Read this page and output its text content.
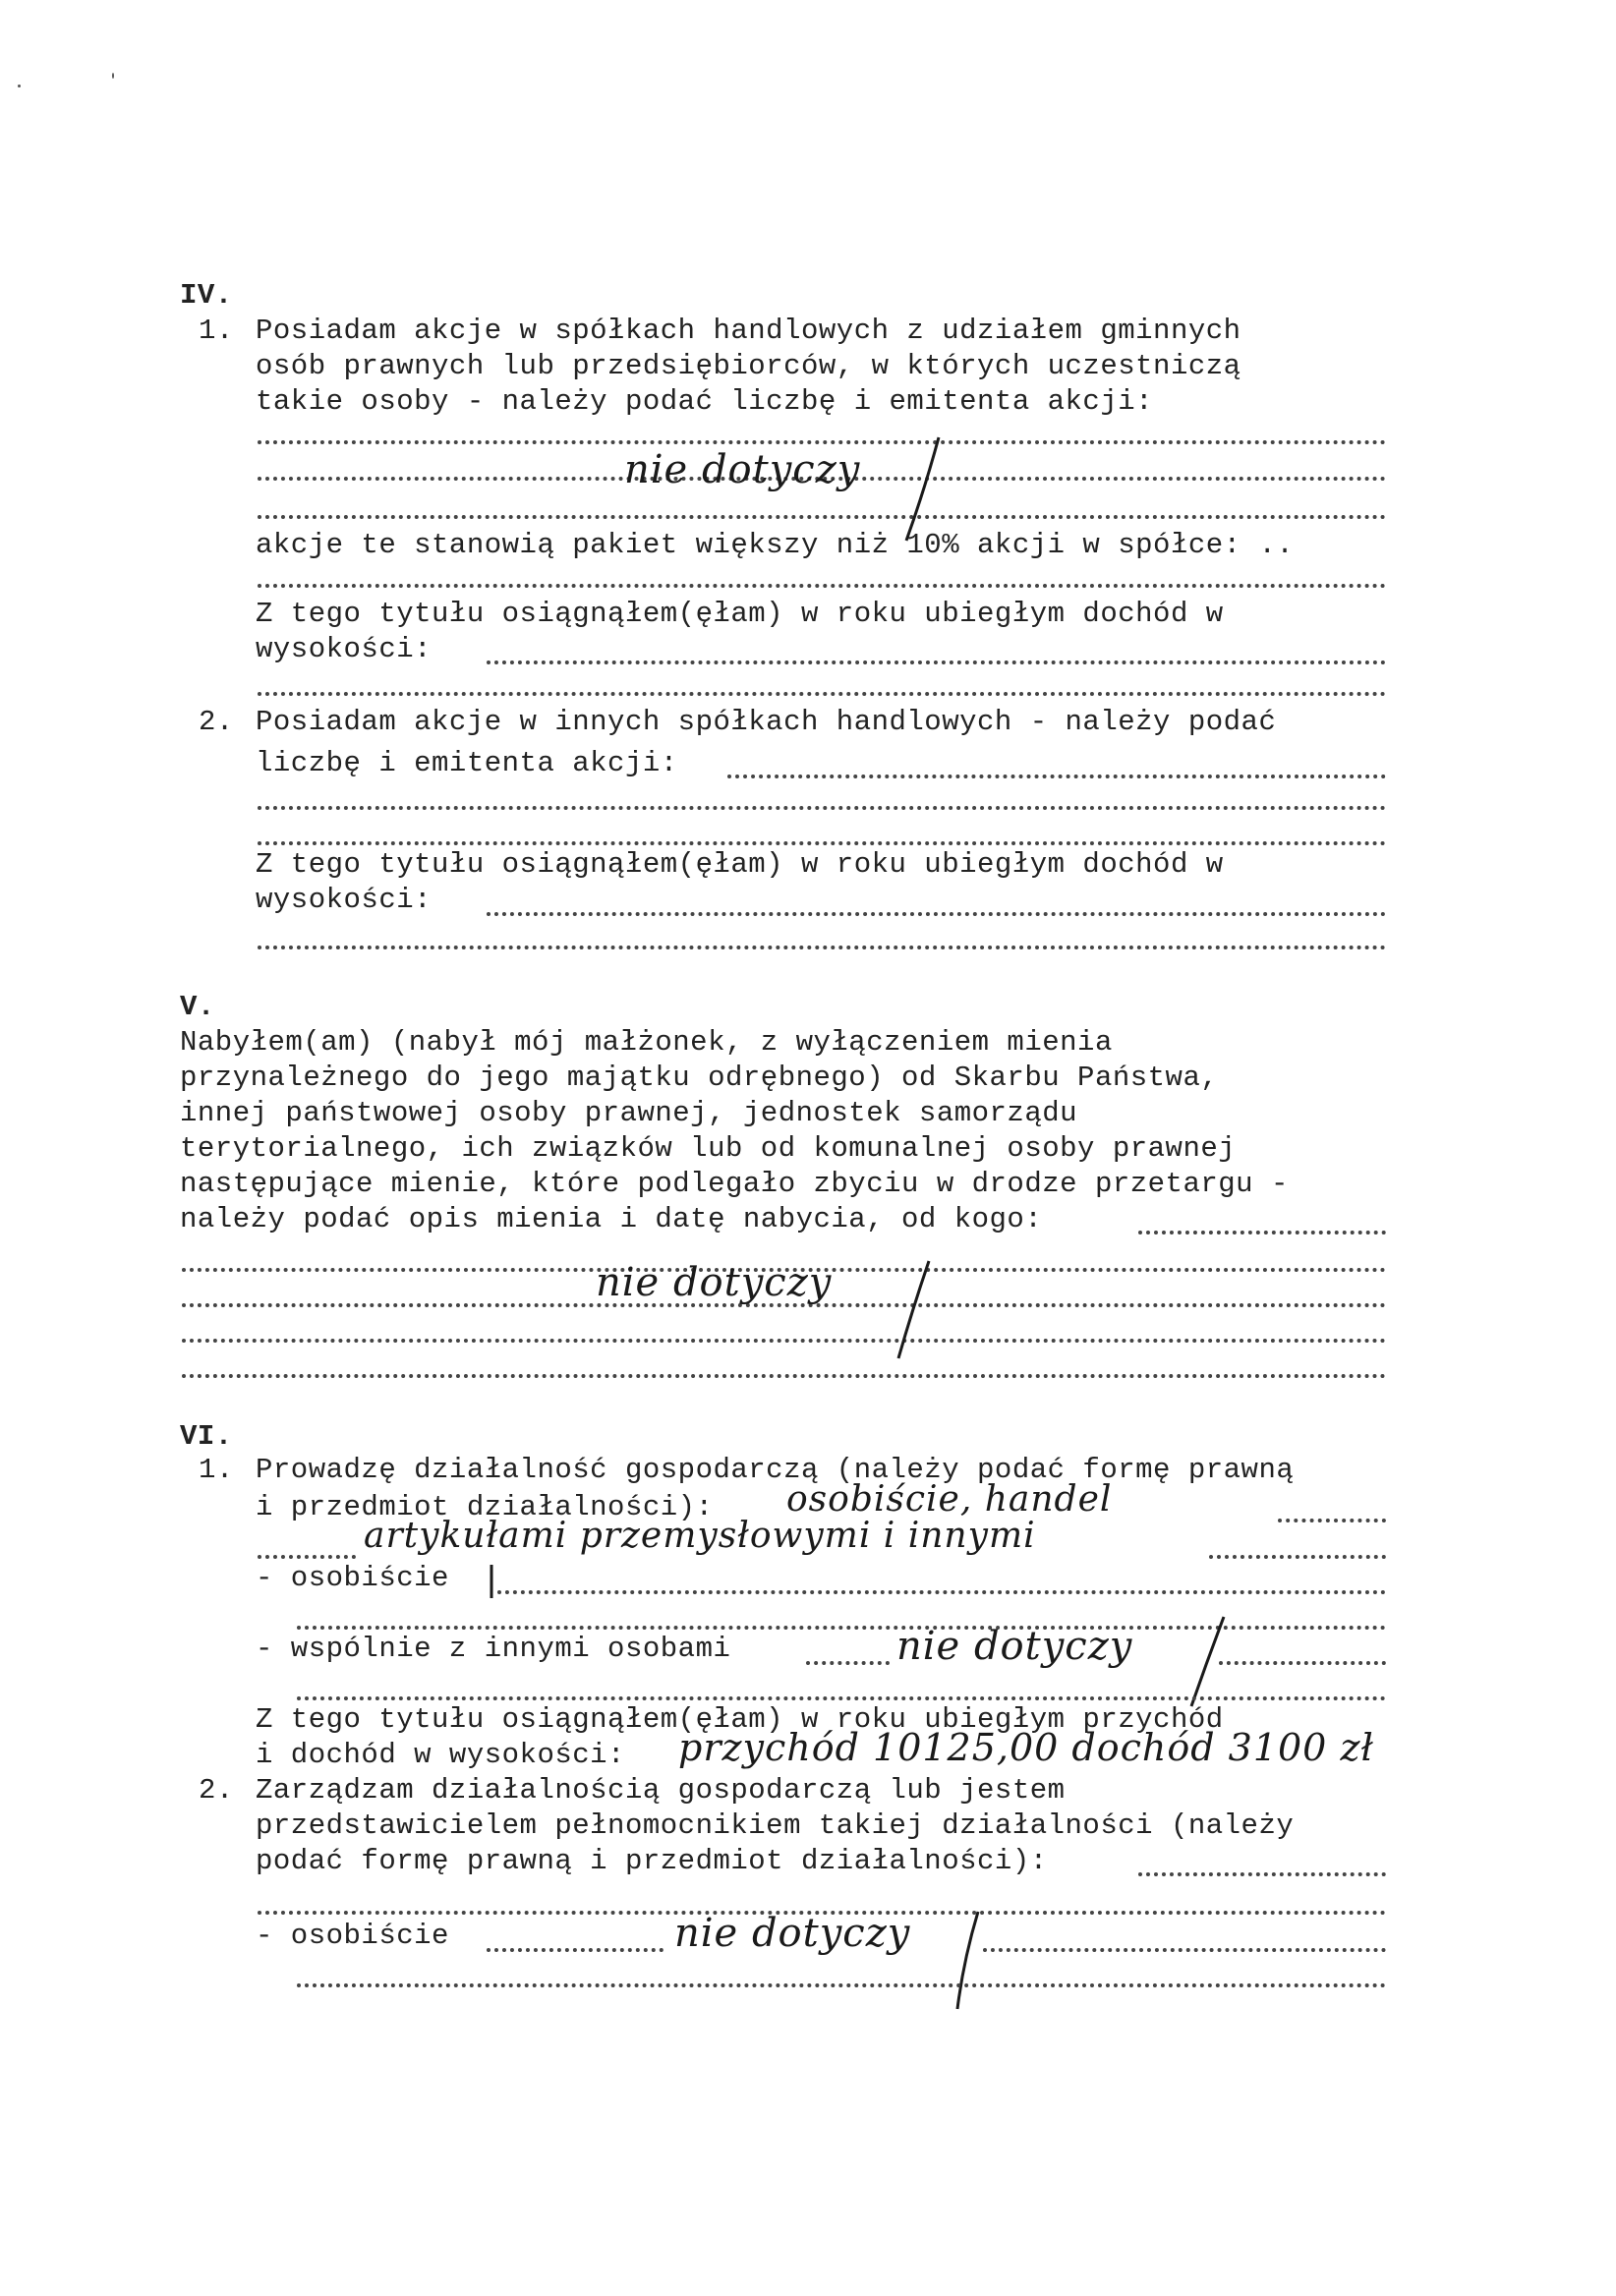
IV.
1. Posiadam akcje w spółkach handlowych z udziałem gminnych
osób prawnych lub przedsiębiorców, w których uczestniczą
takie osoby - należy podać liczbę i emitenta akcji:
nie dotyczy
akcje te stanowią pakiet większy niż 10% akcji w spółce: ..
Z tego tytułu osiągnąłem(ęłam) w roku ubiegłym dochód w
wysokości:
2. Posiadam akcje w innych spółkach handlowych - należy podać
liczbę i emitenta akcji:
Z tego tytułu osiągnąłem(ęłam) w roku ubiegłym dochód w
wysokości:
V.
Nabyłem(am) (nabył mój małżonek, z wyłączeniem mienia
przynależnego do jego majątku odrębnego) od Skarbu Państwa,
innej państwowej osoby prawnej, jednostek samorządu
terytorialnego, ich związków lub od komunalnej osoby prawnej
następujące mienie, które podlegało zbyciu w drodze przetargu -
należy podać opis mienia i datę nabycia, od kogo:
nie dotyczy
VI.
1. Prowadzę działalność gospodarczą (należy podać formę prawną
i przedmiot działalności): osobiście, handel
artykułami przemysłowymi i innymi
- osobiście
- wspólnie z innymi osobami	nie dotyczy
Z tego tytułu osiągnąłem(ęłam) w roku ubiegłym przychód
i dochód w wysokości: przychód 10125,00 dochód 3100 zł
2. Zarządzam działalnością gospodarczą lub jestem
przedstawicielem pełnomocnikiem takiej działalności (należy
podać formę prawną i przedmiot działalności):
- osobiście	nie dotyczy
